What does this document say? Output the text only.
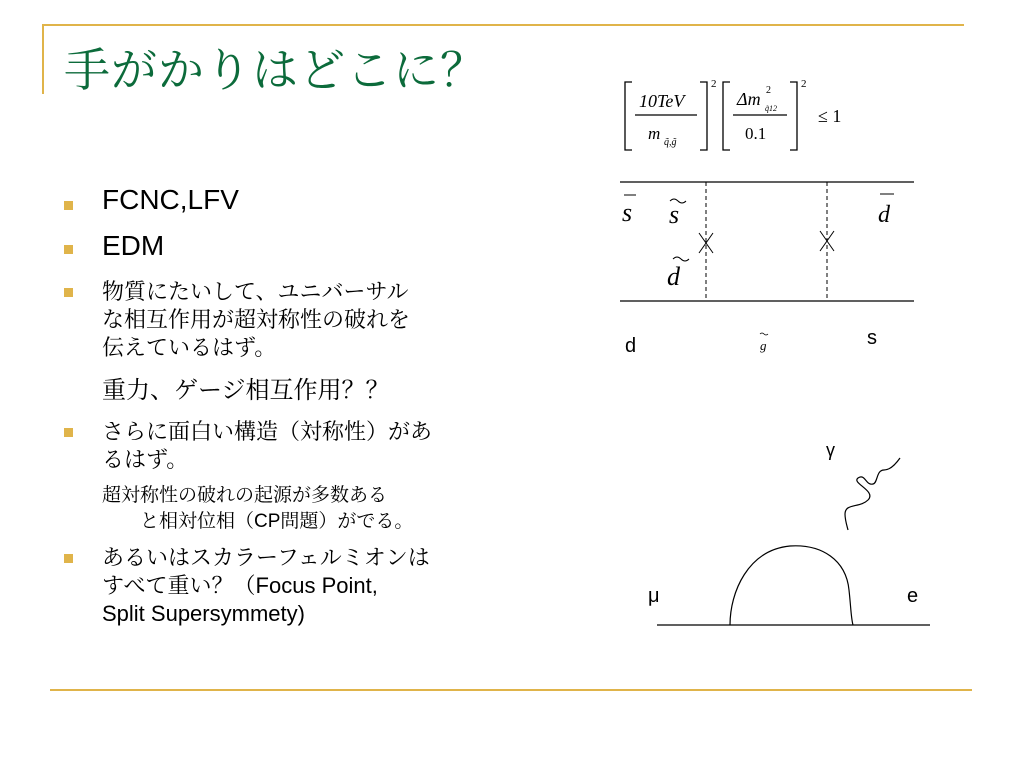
手がかりはどこに？
FCNC,LFV
EDM
物質にたいして、ユニバーサル
な相互作用が超対称性の破れを
伝えているはず。
重力、ゲージ相互作用？？
さらに面白い構造（対称性）があ
るはず。
超対称性の破れの起源が多数ある
と相対位相（CP問題）がでる。
あるいはスカラーフェルミオンは
すべて重い？（Focus Point,
Split Supersymmety)
10TeV
m q̃,g̃
2
Δm 2
q̃12
0.1
2
≤ 1
s s	d
d
d	g	s
γ
μ	e
